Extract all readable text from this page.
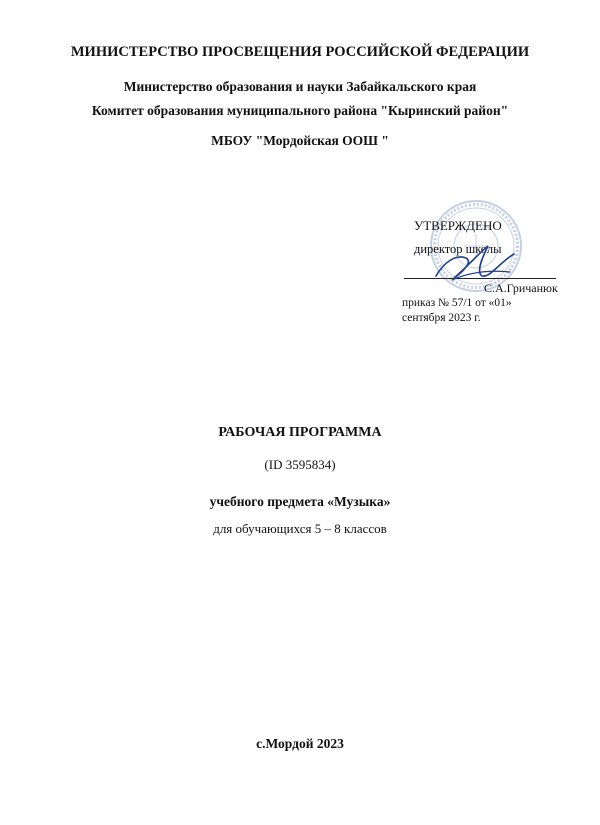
МИНИСТЕРСТВО ПРОСВЕЩЕНИЯ РОССИЙСКОЙ ФЕДЕРАЦИИ
Министерство образования и науки Забайкальского края
Комитет образования муниципального района "Кыринский район"
МБОУ "Мордойская ООШ "
УТВЕРЖДЕНО
директор школы
С.А.Гричанюк
приказ № 57/1 от «01»
сентября 2023 г.
РАБОЧАЯ ПРОГРАММА
(ID 3595834)
учебного предмета «Музыка»
для обучающихся 5 – 8 классов
с.Мордой 2023
